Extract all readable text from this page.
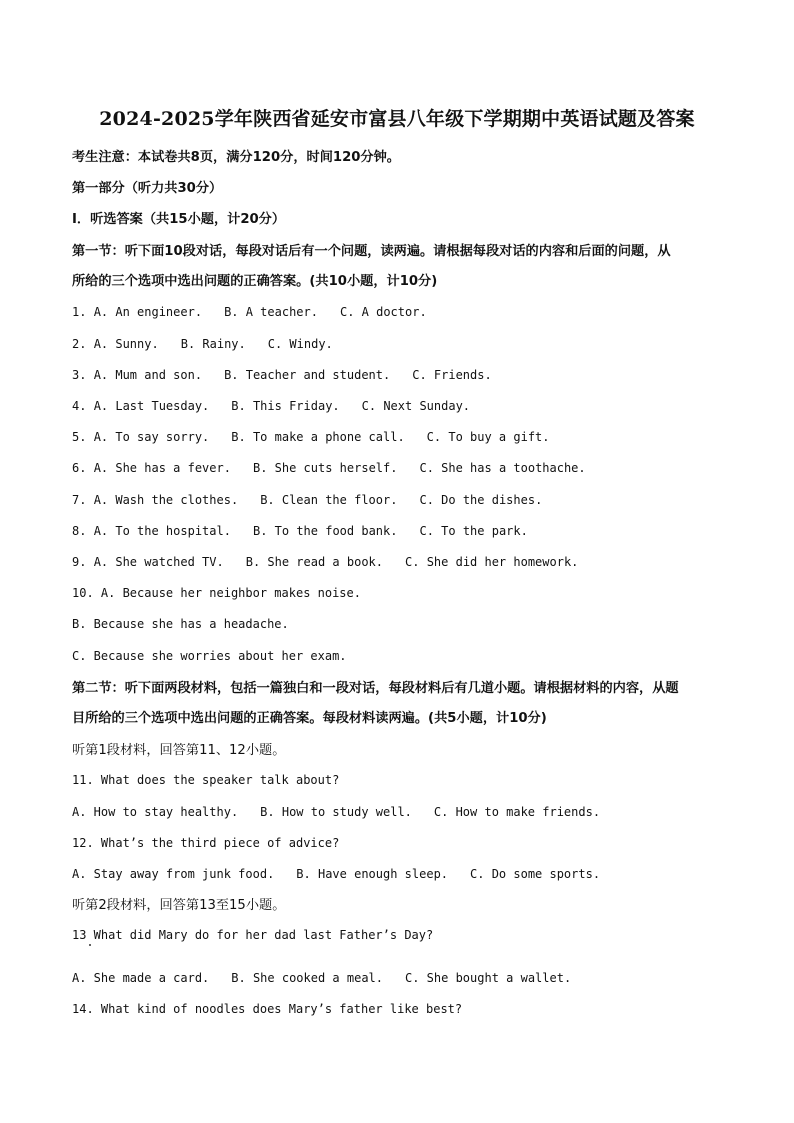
2024-2025学年陕西省延安市富县八年级下学期期中英语试题及答案
考生注意：本试卷共8页，满分120分，时间120分钟。
第一部分（听力共30分）
Ⅰ．听选答案（共15小题，计20分）
第一节：听下面10段对话，每段对话后有一个问题，读两遍。请根据每段对话的内容和后面的问题，从
所给的三个选项中选出问题的正确答案。(共10小题，计10分)
1. A. An engineer. B. A teacher. C. A doctor.
2. A. Sunny. B. Rainy. C. Windy.
3. A. Mum and son. B. Teacher and student. C. Friends.
4. A. Last Tuesday. B. This Friday. C. Next Sunday.
5. A. To say sorry. B. To make a phone call. C. To buy a gift.
6. A. She has a fever. B. She cuts herself. C. She has a toothache.
7. A. Wash the clothes. B. Clean the floor. C. Do the dishes.
8. A. To the hospital. B. To the food bank. C. To the park.
9. A. She watched TV. B. She read a book. C. She did her homework.
10. A. Because her neighbor makes noise.
B. Because she has a headache.
C. Because she worries about her exam.
第二节：听下面两段材料，包括一篇独白和一段对话，每段材料后有几道小题。请根据材料的内容，从题
目所给的三个选项中选出问题的正确答案。每段材料读两遍。(共5小题，计10分)
听第1段材料，回答第11、12小题。
11. What does the speaker talk about?
A. How to stay healthy. B. How to study well. C. How to make friends.
12. What’s the third piece of advice?
A. Stay away from junk food. B. Have enough sleep. C. Do some sports.
听第2段材料，回答第13至15小题。
13 What did Mary do for her dad last Father’s Day?
A. She made a card. B. She cooked a meal. C. She bought a wallet.
14. What kind of noodles does Mary’s father like best?
